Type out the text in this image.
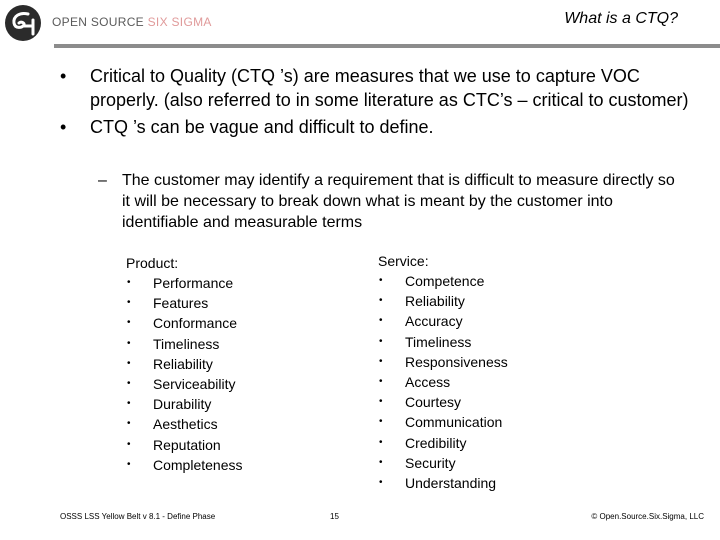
OPEN SOURCE SIX SIGMA	What is a CTQ?

• Critical to Quality (CTQ ’s) are measures that we use to capture VOC properly. (also referred to in some literature as CTC’s – critical to customer)

• CTQ ’s can be vague and difficult to define.

– The customer may identify a requirement that is difficult to measure directly so it will be necessary to break down what is meant by the customer into identifiable and measurable terms
Product:
• Performance
• Features
• Conformance
• Timeliness
• Reliability
• Serviceability
• Durability
• Aesthetics
• Reputation
• Completeness
Service:
• Competence
• Reliability
• Accuracy
• Timeliness
• Responsiveness
• Access
• Courtesy
• Communication
• Credibility
• Security
• Understanding
OSSS LSS Yellow Belt v 8.1 - Define Phase	15	© Open.Source.Six.Sigma, LLC
